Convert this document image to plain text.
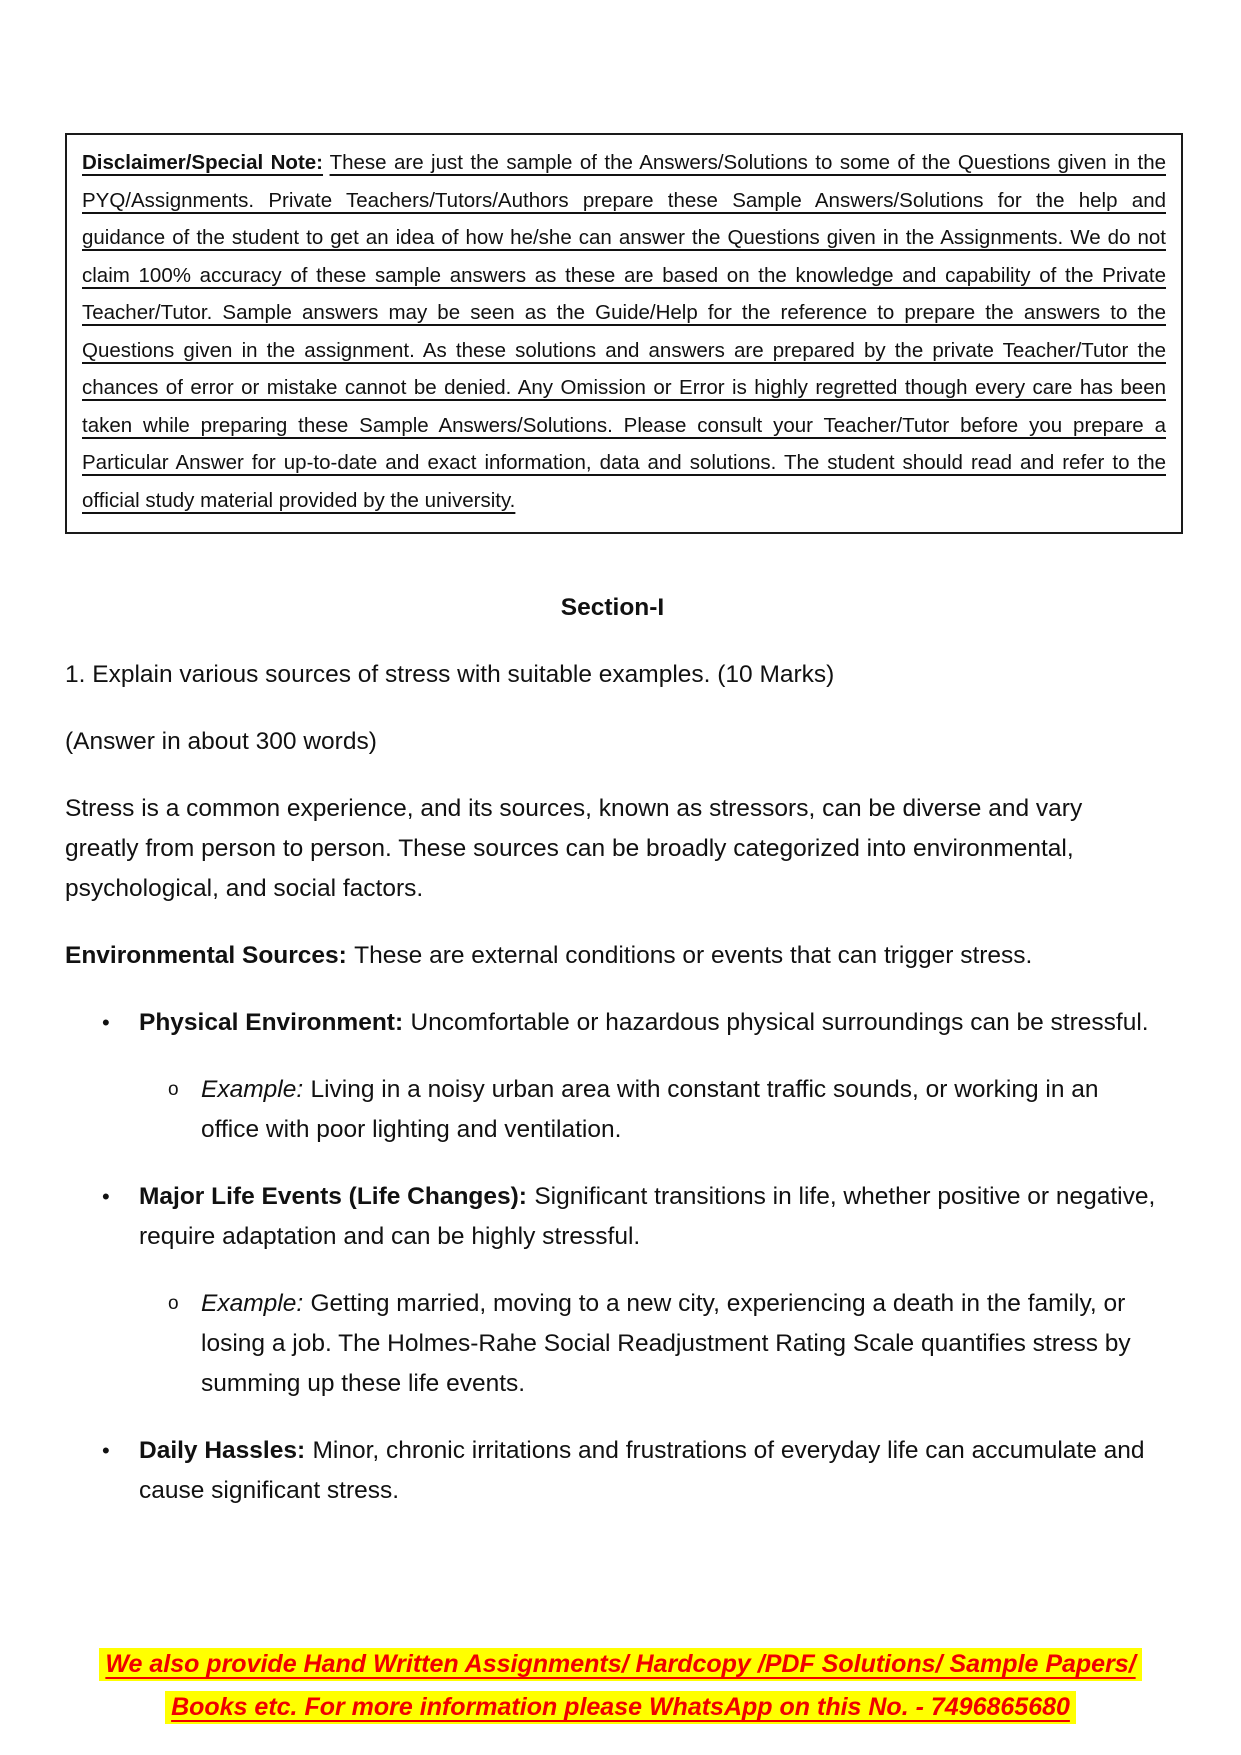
Disclaimer/Special Note: These are just the sample of the Answers/Solutions to some of the Questions given in the PYQ/Assignments. Private Teachers/Tutors/Authors prepare these Sample Answers/Solutions for the help and guidance of the student to get an idea of how he/she can answer the Questions given in the Assignments. We do not claim 100% accuracy of these sample answers as these are based on the knowledge and capability of the Private Teacher/Tutor. Sample answers may be seen as the Guide/Help for the reference to prepare the answers to the Questions given in the assignment. As these solutions and answers are prepared by the private Teacher/Tutor the chances of error or mistake cannot be denied. Any Omission or Error is highly regretted though every care has been taken while preparing these Sample Answers/Solutions. Please consult your Teacher/Tutor before you prepare a Particular Answer for up-to-date and exact information, data and solutions. The student should read and refer to the official study material provided by the university.

Section-I

1. Explain various sources of stress with suitable examples. (10 Marks)

(Answer in about 300 words)

Stress is a common experience, and its sources, known as stressors, can be diverse and vary greatly from person to person. These sources can be broadly categorized into environmental, psychological, and social factors.

Environmental Sources: These are external conditions or events that can trigger stress.

•	Physical Environment: Uncomfortable or hazardous physical surroundings can be stressful.
o Example: Living in a noisy urban area with constant traffic sounds, or working in an office with poor lighting and ventilation.
•	Major Life Events (Life Changes): Significant transitions in life, whether positive or negative, require adaptation and can be highly stressful.
o Example: Getting married, moving to a new city, experiencing a death in the family, or losing a job. The Holmes-Rahe Social Readjustment Rating Scale quantifies stress by summing up these life events.
•	Daily Hassles: Minor, chronic irritations and frustrations of everyday life can accumulate and cause significant stress.
We also provide Hand Written Assignments/ Hardcopy /PDF Solutions/ Sample Papers/
Books etc. For more information please WhatsApp on this No. - 7496865680
